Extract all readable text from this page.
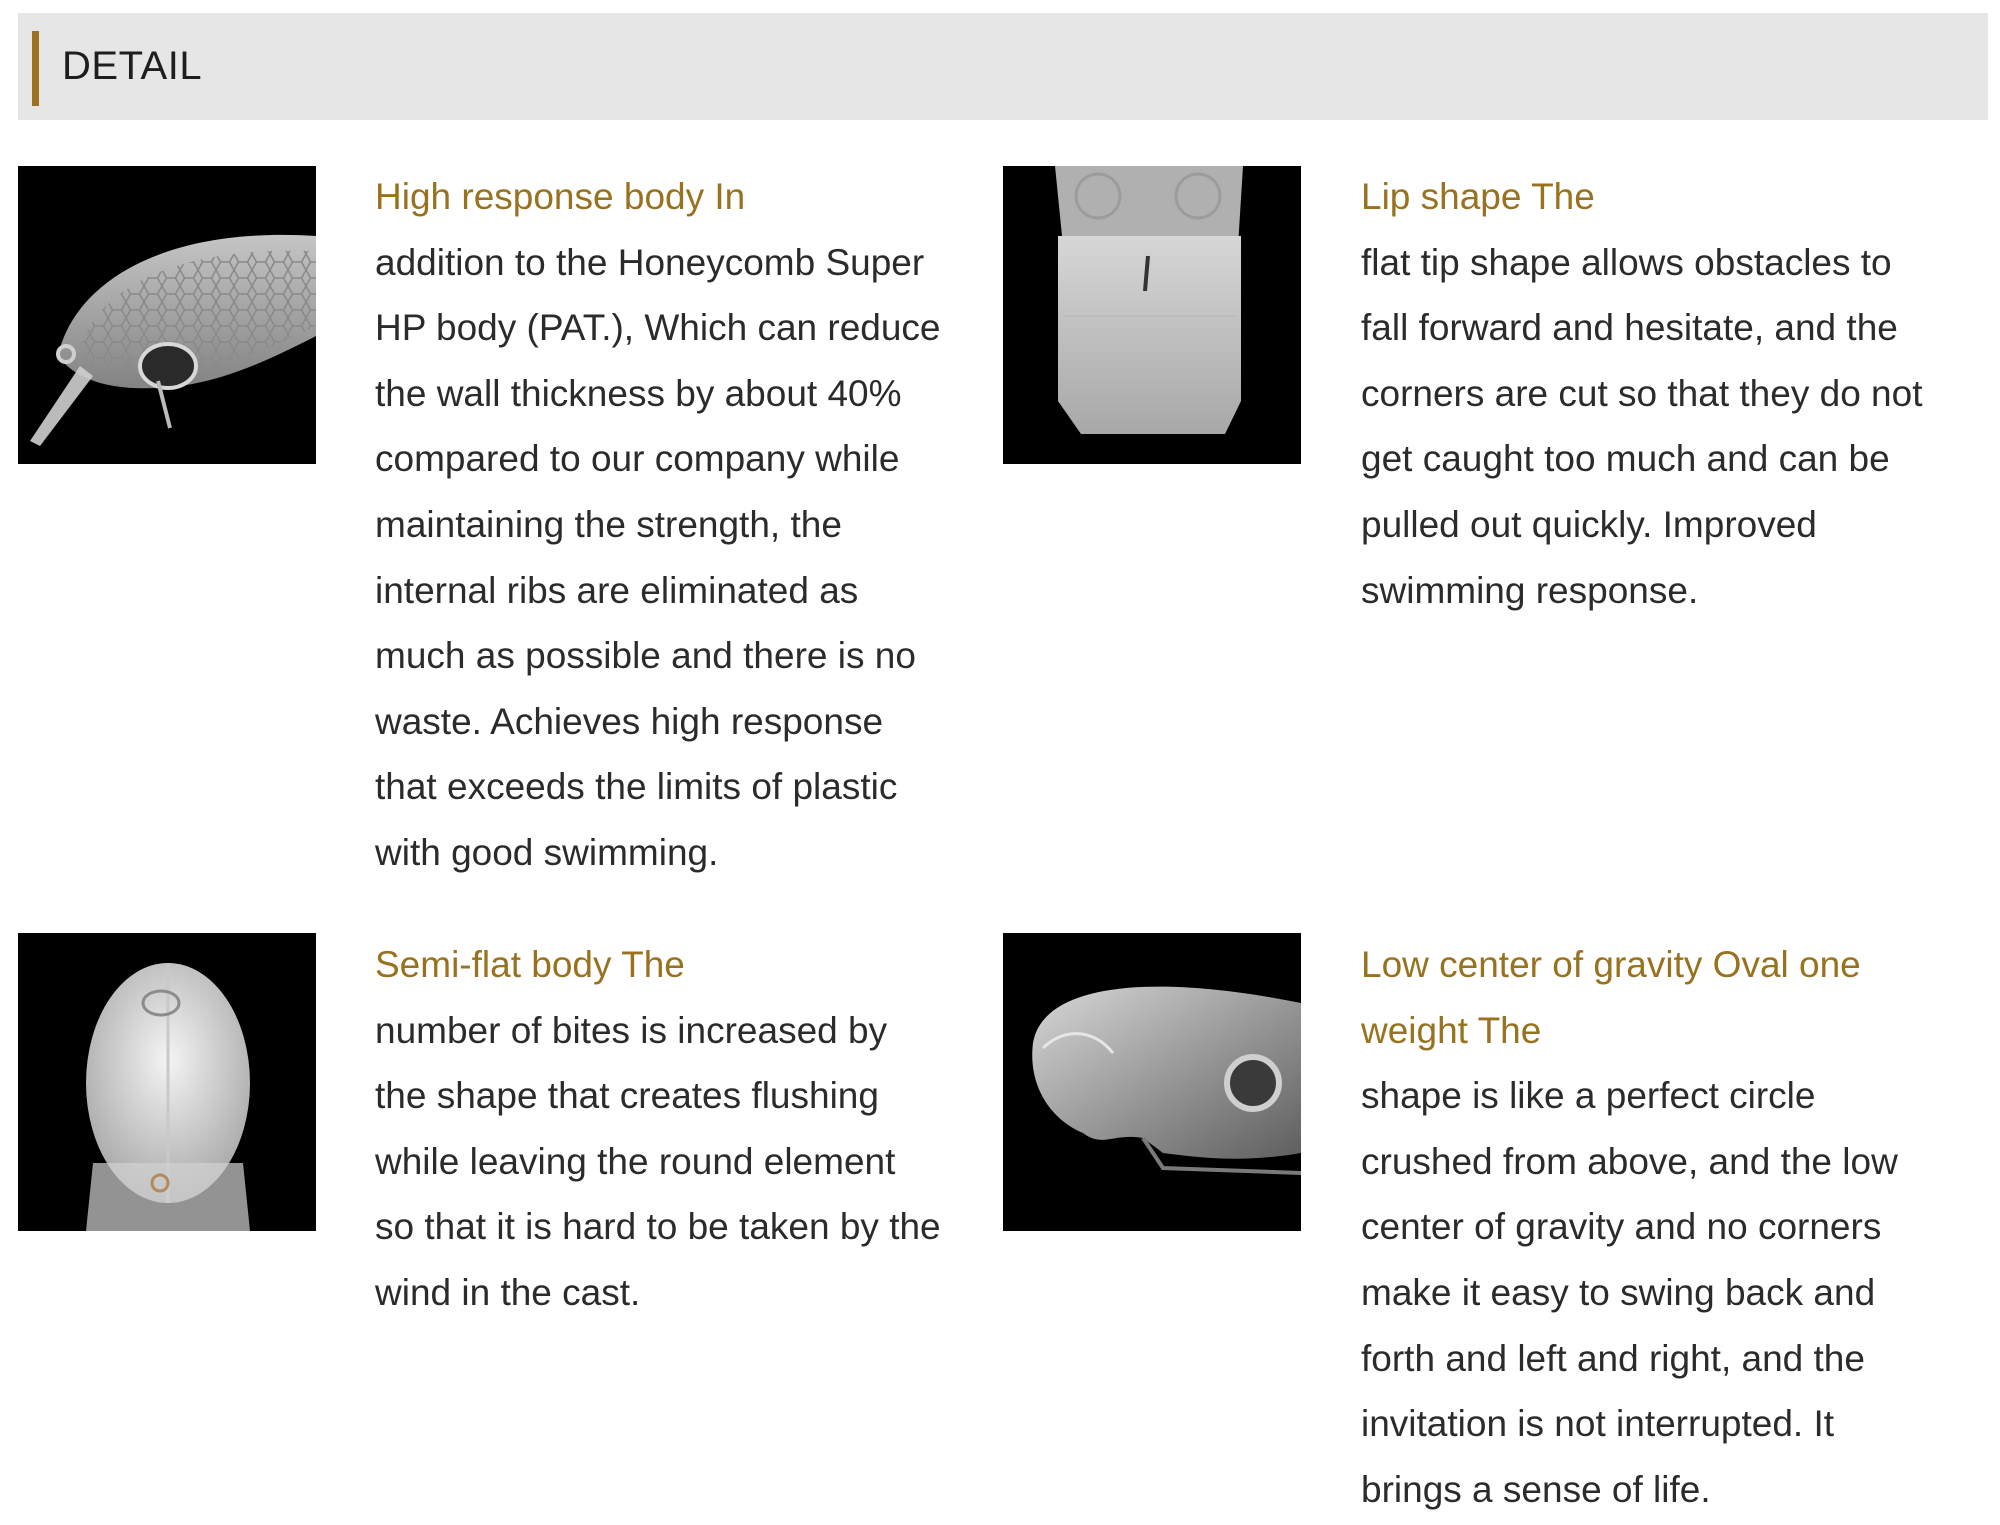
DETAIL
High response body In
addition to the Honeycomb Super
HP body (PAT.), Which can reduce
the wall thickness by about 40%
compared to our company while
maintaining the strength, the
internal ribs are eliminated as
much as possible and there is no
waste. Achieves high response
that exceeds the limits of plastic
with good swimming.
Lip shape The
flat tip shape allows obstacles to
fall forward and hesitate, and the
corners are cut so that they do not
get caught too much and can be
pulled out quickly. Improved
swimming response.
Semi-flat body The
number of bites is increased by
the shape that creates flushing
while leaving the round element
so that it is hard to be taken by the
wind in the cast.
Low center of gravity Oval one
weight The
shape is like a perfect circle
crushed from above, and the low
center of gravity and no corners
make it easy to swing back and
forth and left and right, and the
invitation is not interrupted. It
brings a sense of life.
